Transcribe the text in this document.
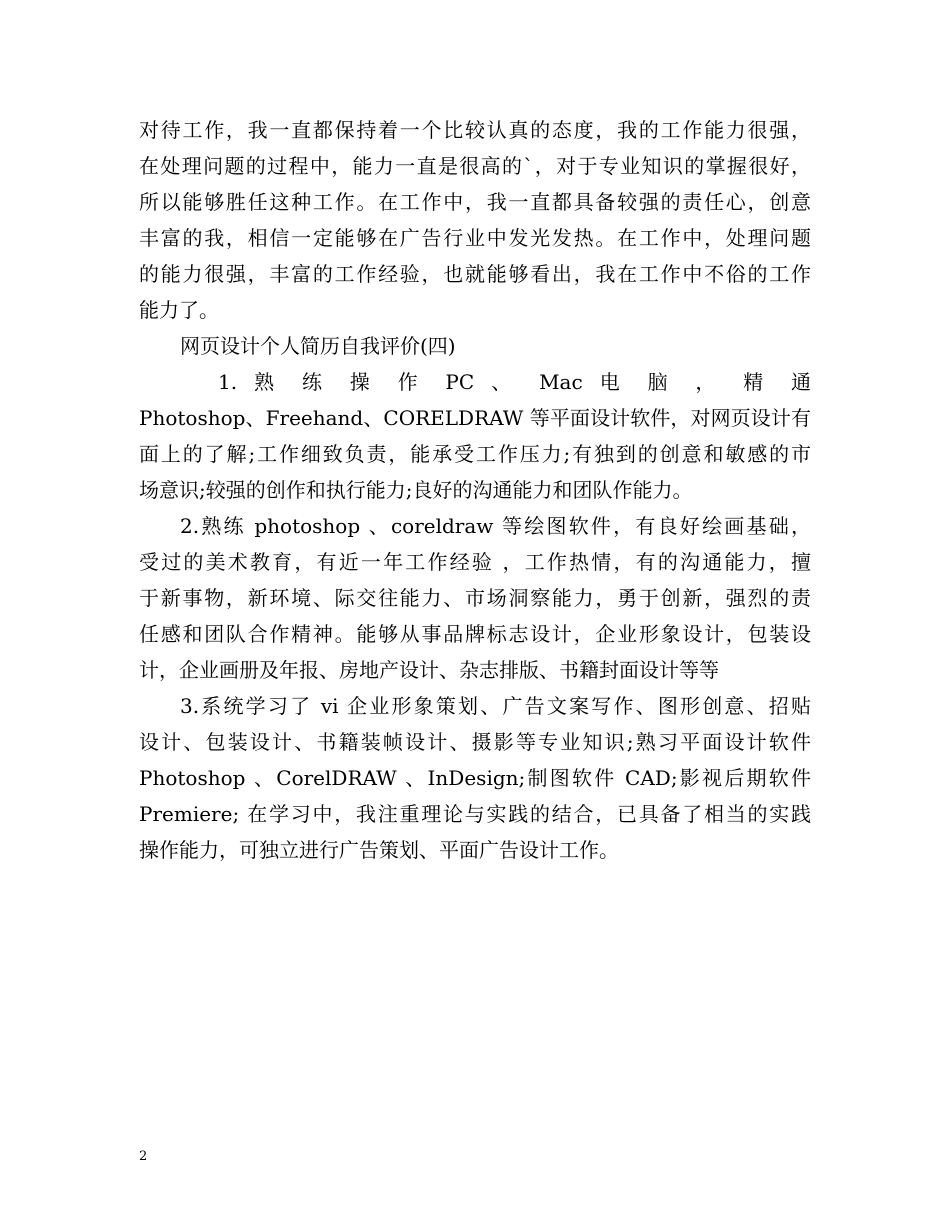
对待工作，我一直都保持着一个比较认真的态度，我的工作能力很强，
在处理问题的过程中，能力一直是很高的`，对于专业知识的掌握很好，
所以能够胜任这种工作。在工作中，我一直都具备较强的责任心，创意
丰富的我，相信一定能够在广告行业中发光发热。在工作中，处理问题
的能力很强，丰富的工作经验，也就能够看出，我在工作中不俗的工作
能力了。
网页设计个人简历自我评价(四)
1. 熟 练 操 作 PC 、 Mac 电 脑 ， 精 通
Photoshop、Freehand、CORELDRAW 等平面设计软件，对网页设计有
面上的了解;工作细致负责，能承受工作压力;有独到的创意和敏感的市
场意识;较强的创作和执行能力;良好的沟通能力和团队作能力。
2.熟练 photoshop 、coreldraw 等绘图软件，有良好绘画基础，
受过的美术教育，有近一年工作经验 ，工作热情，有的沟通能力，擅
于新事物，新环境、际交往能力、市场洞察能力，勇于创新，强烈的责
任感和团队合作精神。能够从事品牌标志设计，企业形象设计，包装设
计，企业画册及年报、房地产设计、杂志排版、书籍封面设计等等
3.系统学习了 vi 企业形象策划、广告文案写作、图形创意、招贴
设计、包装设计、书籍装帧设计、摄影等专业知识;熟习平面设计软件
Photoshop 、CorelDRAW 、InDesign;制图软件 CAD;影视后期软件
Premiere; 在学习中，我注重理论与实践的结合，已具备了相当的实践
操作能力，可独立进行广告策划、平面广告设计工作。
2
